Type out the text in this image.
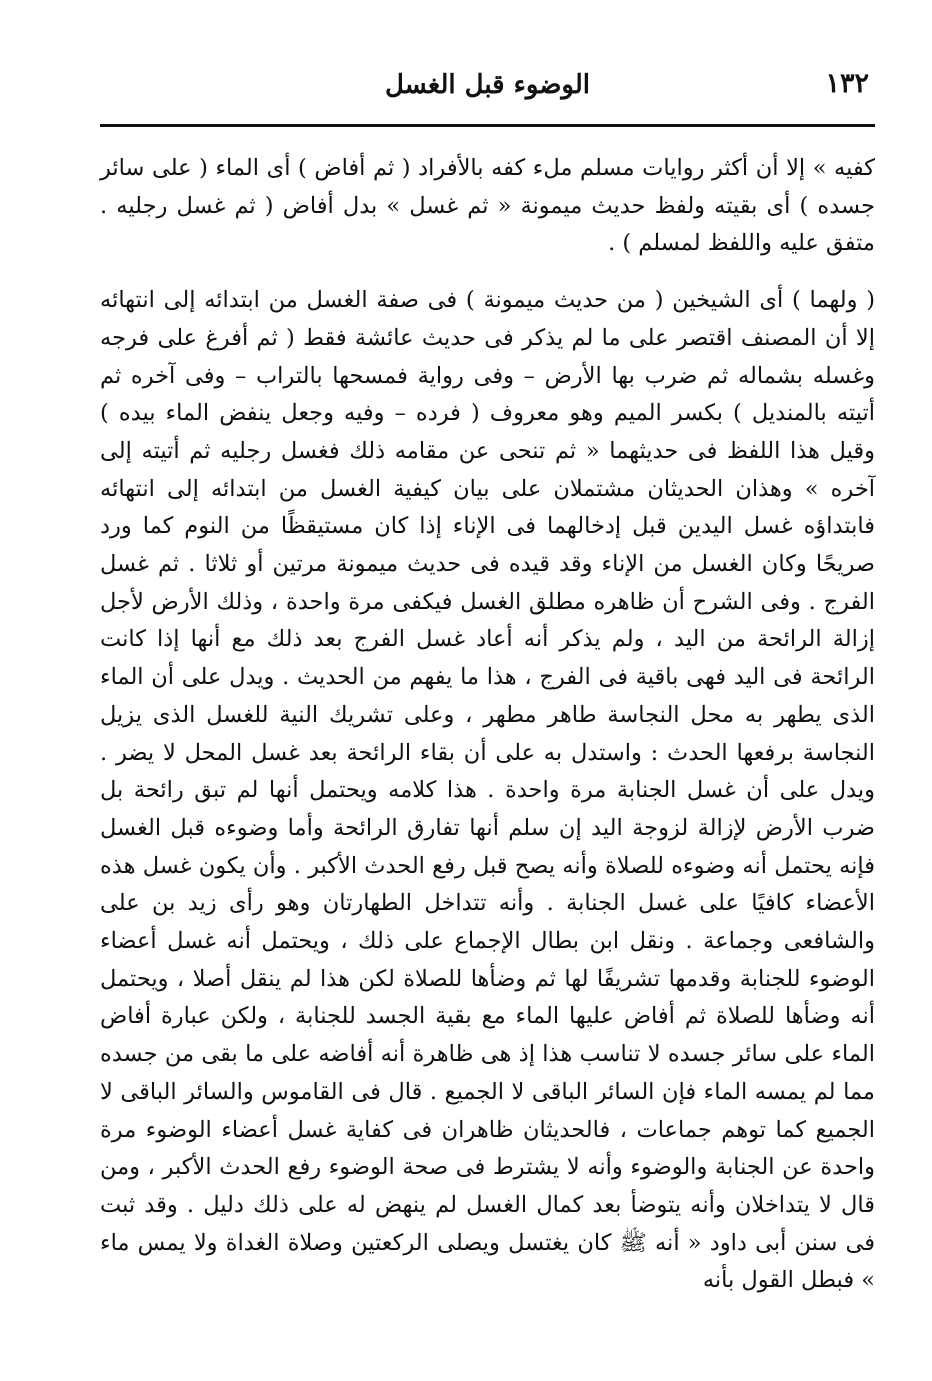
١٣٢
الوضوء قبل الغسل

كفيه » إلا أن أكثر روايات مسلم ملء كفه بالأفراد ( ثم أفاض ) أى الماء ( على سائر جسده ) أى بقيته ولفظ حديث ميمونة « ثم غسل » بدل أفاض ( ثم غسل رجليه . متفق عليه واللفظ لمسلم ) .

( ولهما ) أى الشيخين ( من حديث ميمونة ) فى صفة الغسل من ابتدائه إلى انتهائه إلا أن المصنف اقتصر على ما لم يذكر فى حديث عائشة فقط ( ثم أفرغ على فرجه وغسله بشماله ثم ضرب بها الأرض – وفى رواية فمسحها بالتراب – وفى آخره ثم أتيته بالمنديل ) بكسر الميم وهو معروف ( فرده – وفيه وجعل ينفض الماء بيده ) وقيل هذا اللفظ فى حديثهما « ثم تنحى عن مقامه ذلك فغسل رجليه ثم أتيته إلى آخره » وهذان الحديثان مشتملان على بيان كيفية الغسل من ابتدائه إلى انتهائه فابتداؤه غسل اليدين قبل إدخالهما فى الإناء إذا كان مستيقظًا من النوم كما ورد صريحًا وكان الغسل من الإناء وقد قيده فى حديث ميمونة مرتين أو ثلاثا . ثم غسل الفرج . وفى الشرح أن ظاهره مطلق الغسل فيكفى مرة واحدة ، وذلك الأرض لأجل إزالة الرائحة من اليد ، ولم يذكر أنه أعاد غسل الفرج بعد ذلك مع أنها إذا كانت الرائحة فى اليد فهى باقية فى الفرج ، هذا ما يفهم من الحديث . ويدل على أن الماء الذى يطهر به محل النجاسة طاهر مطهر ، وعلى تشريك النية للغسل الذى يزيل النجاسة برفعها الحدث : واستدل به على أن بقاء الرائحة بعد غسل المحل لا يضر . ويدل على أن غسل الجنابة مرة واحدة . هذا كلامه ويحتمل أنها لم تبق رائحة بل ضرب الأرض لإزالة لزوجة اليد إن سلم أنها تفارق الرائحة وأما وضوءه قبل الغسل فإنه يحتمل أنه وضوءه للصلاة وأنه يصح قبل رفع الحدث الأكبر . وأن يكون غسل هذه الأعضاء كافيًا على غسل الجنابة . وأنه تتداخل الطهارتان وهو رأى زيد بن على والشافعى وجماعة . ونقل ابن بطال الإجماع على ذلك ، ويحتمل أنه غسل أعضاء الوضوء للجنابة وقدمها تشريفًا لها ثم وضأها للصلاة لكن هذا لم ينقل أصلا ، ويحتمل أنه وضأها للصلاة ثم أفاض عليها الماء مع بقية الجسد للجنابة ، ولكن عبارة أفاض الماء على سائر جسده لا تناسب هذا إذ هى ظاهرة أنه أفاضه على ما بقى من جسده مما لم يمسه الماء فإن السائر الباقى لا الجميع . قال فى القاموس والسائر الباقى لا الجميع كما توهم جماعات ، فالحديثان ظاهران فى كفاية غسل أعضاء الوضوء مرة واحدة عن الجنابة والوضوء وأنه لا يشترط فى صحة الوضوء رفع الحدث الأكبر ، ومن قال لا يتداخلان وأنه يتوضأ بعد كمال الغسل لم ينهض له على ذلك دليل . وقد ثبت فى سنن أبى داود « أنه ﷺ كان يغتسل ويصلى الركعتين وصلاة الغداة ولا يمس ماء » فبطل القول بأنه
